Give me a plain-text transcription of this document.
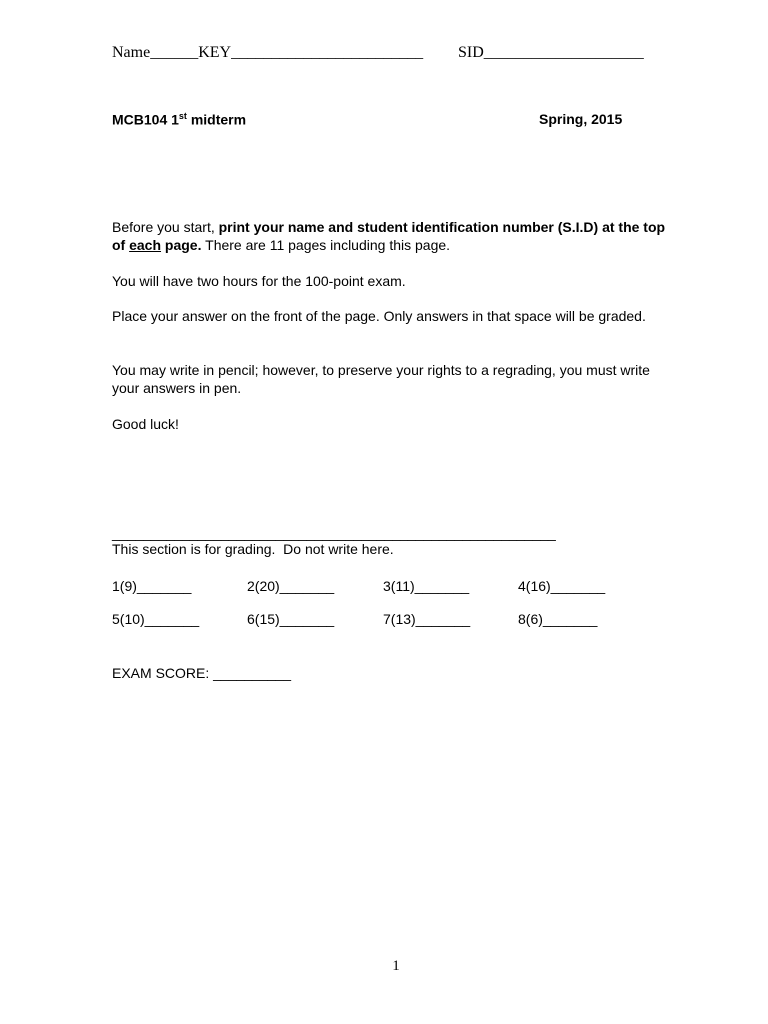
Name______KEY________________________ SID____________________
MCB104 1st midterm	Spring, 2015
Before you start, print your name and student identification number (S.I.D) at the top of each page. There are 11 pages including this page.
You will have two hours for the 100-point exam.
Place your answer on the front of the page. Only answers in that space will be graded.
You may write in pencil; however, to preserve your rights to a regrading, you must write your answers in pen.
Good luck!
_________________________________________________________
This section is for grading.  Do not write here.
1(9)_______	2(20)_______	3(11)_______	4(16)_______
5(10)_______	6(15)_______	7(13)_______	8(6)_______
EXAM SCORE: __________
1
